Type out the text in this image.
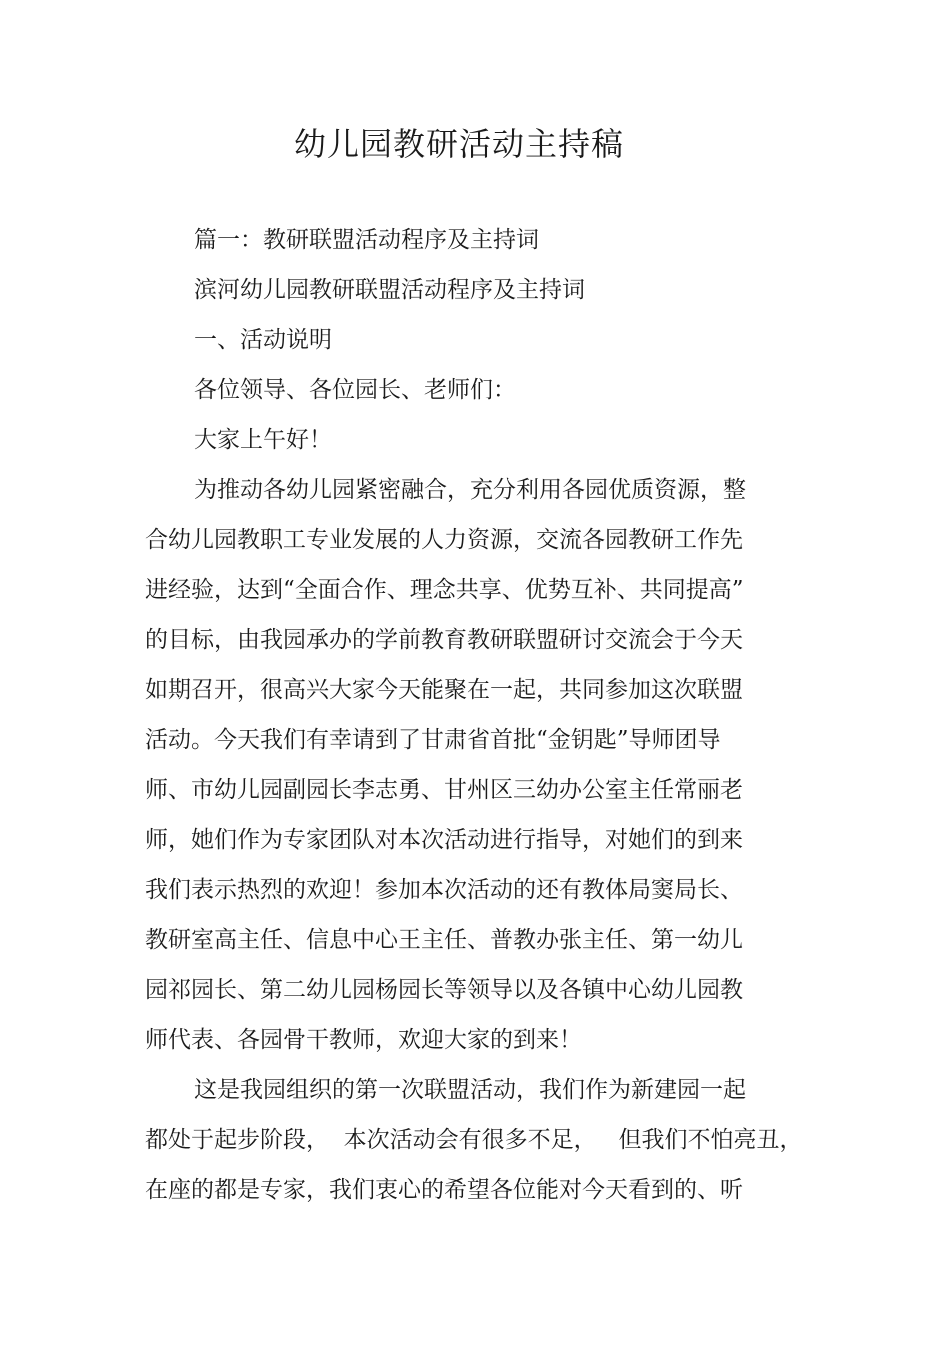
幼儿园教研活动主持稿

篇一：教研联盟活动程序及主持词

滨河幼儿园教研联盟活动程序及主持词

一、活动说明

各位领导、各位园长、老师们：

大家上午好！

为推动各幼儿园紧密融合，充分利用各园优质资源，整

合幼儿园教职工专业发展的人力资源，交流各园教研工作先

进经验，达到“全面合作、理念共享、优势互补、共同提高”

的目标，由我园承办的学前教育教研联盟研讨交流会于今天

如期召开，很高兴大家今天能聚在一起，共同参加这次联盟

活动。今天我们有幸请到了甘肃省首批“金钥匙”导师团导

师、市幼儿园副园长李志勇、甘州区三幼办公室主任常丽老

师，她们作为专家团队对本次活动进行指导，对她们的到来

我们表示热烈的欢迎！参加本次活动的还有教体局窦局长、

教研室高主任、信息中心王主任、普教办张主任、第一幼儿

园祁园长、第二幼儿园杨园长等领导以及各镇中心幼儿园教

师代表、各园骨干教师，欢迎大家的到来！

这是我园组织的第一次联盟活动，我们作为新建园一起

都处于起步阶段，  本次活动会有很多不足，   但我们不怕亮丑，

在座的都是专家，我们衷心的希望各位能对今天看到的、听
